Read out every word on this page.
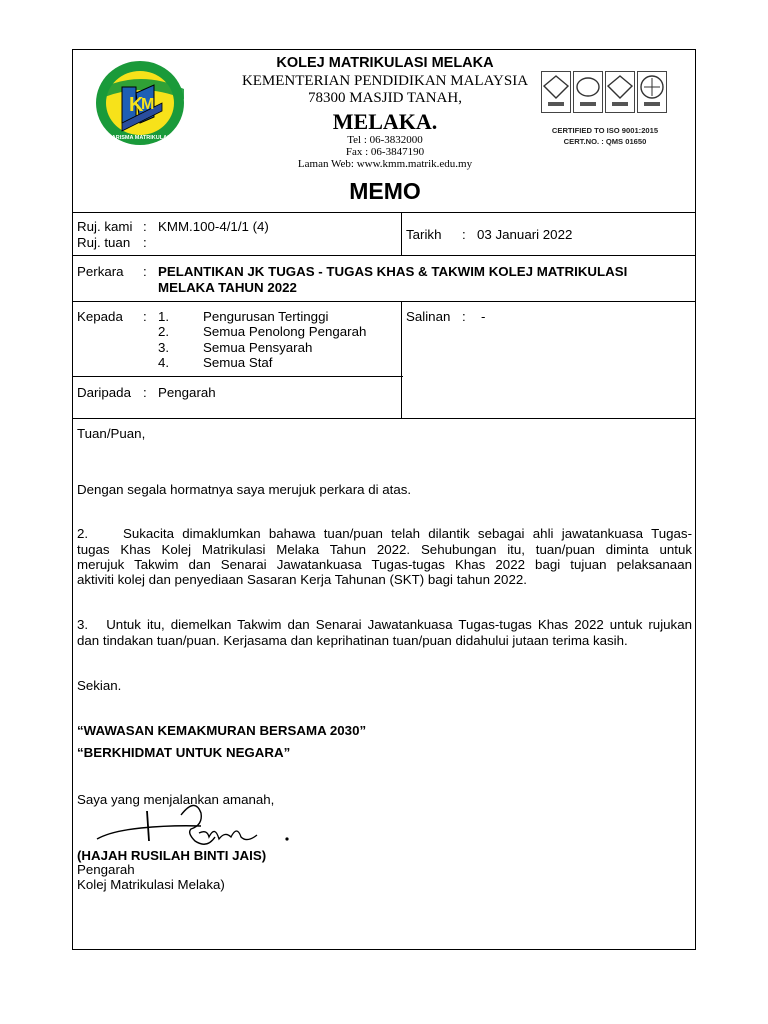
K
M
KARISMA MATRIKULASI
KOLEJ MATRIKULASI MELAKA
KEMENTERIAN PENDIDIKAN MALAYSIA
78300 MASJID TANAH,
MELAKA.
Tel : 06-3832000
Fax : 06-3847190
Laman Web: www.kmm.matrik.edu.my
MEMO
CERTIFIED TO ISO 9001:2015
CERT.NO. : QMS 01650
Ruj. kami : KMM.100-4/1/1 (4)
Ruj. tuan :
Tarikh : 03 Januari 2022
Perkara : PELANTIKAN JK TUGAS - TUGAS KHAS & TAKWIM KOLEJ MATRIKULASI
MELAKA TAHUN 2022
Kepada : 1.	Pengurusan Tertinggi
2.	Semua Penolong Pengarah
3.	Semua Pensyarah
4.	Semua Staf
Salinan : -
Daripada : Pengarah
Tuan/Puan,
Dengan segala hormatnya saya merujuk perkara di atas.
2.	Sukacita dimaklumkan bahawa tuan/puan telah dilantik sebagai ahli jawatankuasa Tugas-
tugas Khas Kolej Matrikulasi Melaka Tahun 2022. Sehubungan itu, tuan/puan diminta untuk
merujuk Takwim dan Senarai Jawatankuasa Tugas-tugas Khas 2022 bagi tujuan pelaksanaan
aktiviti kolej dan penyediaan Sasaran Kerja Tahunan (SKT) bagi tahun 2022.
3.   Untuk itu, diemelkan Takwim dan Senarai Jawatankuasa Tugas-tugas Khas 2022 untuk rujukan
dan tindakan tuan/puan. Kerjasama dan keprihatinan tuan/puan didahului jutaan terima kasih.
Sekian.
“WAWASAN KEMAKMURAN BERSAMA 2030”
“BERKHIDMAT UNTUK NEGARA”
Saya yang menjalankan amanah,
(HAJAH RUSILAH BINTI JAIS)
Pengarah
Kolej Matrikulasi Melaka)
